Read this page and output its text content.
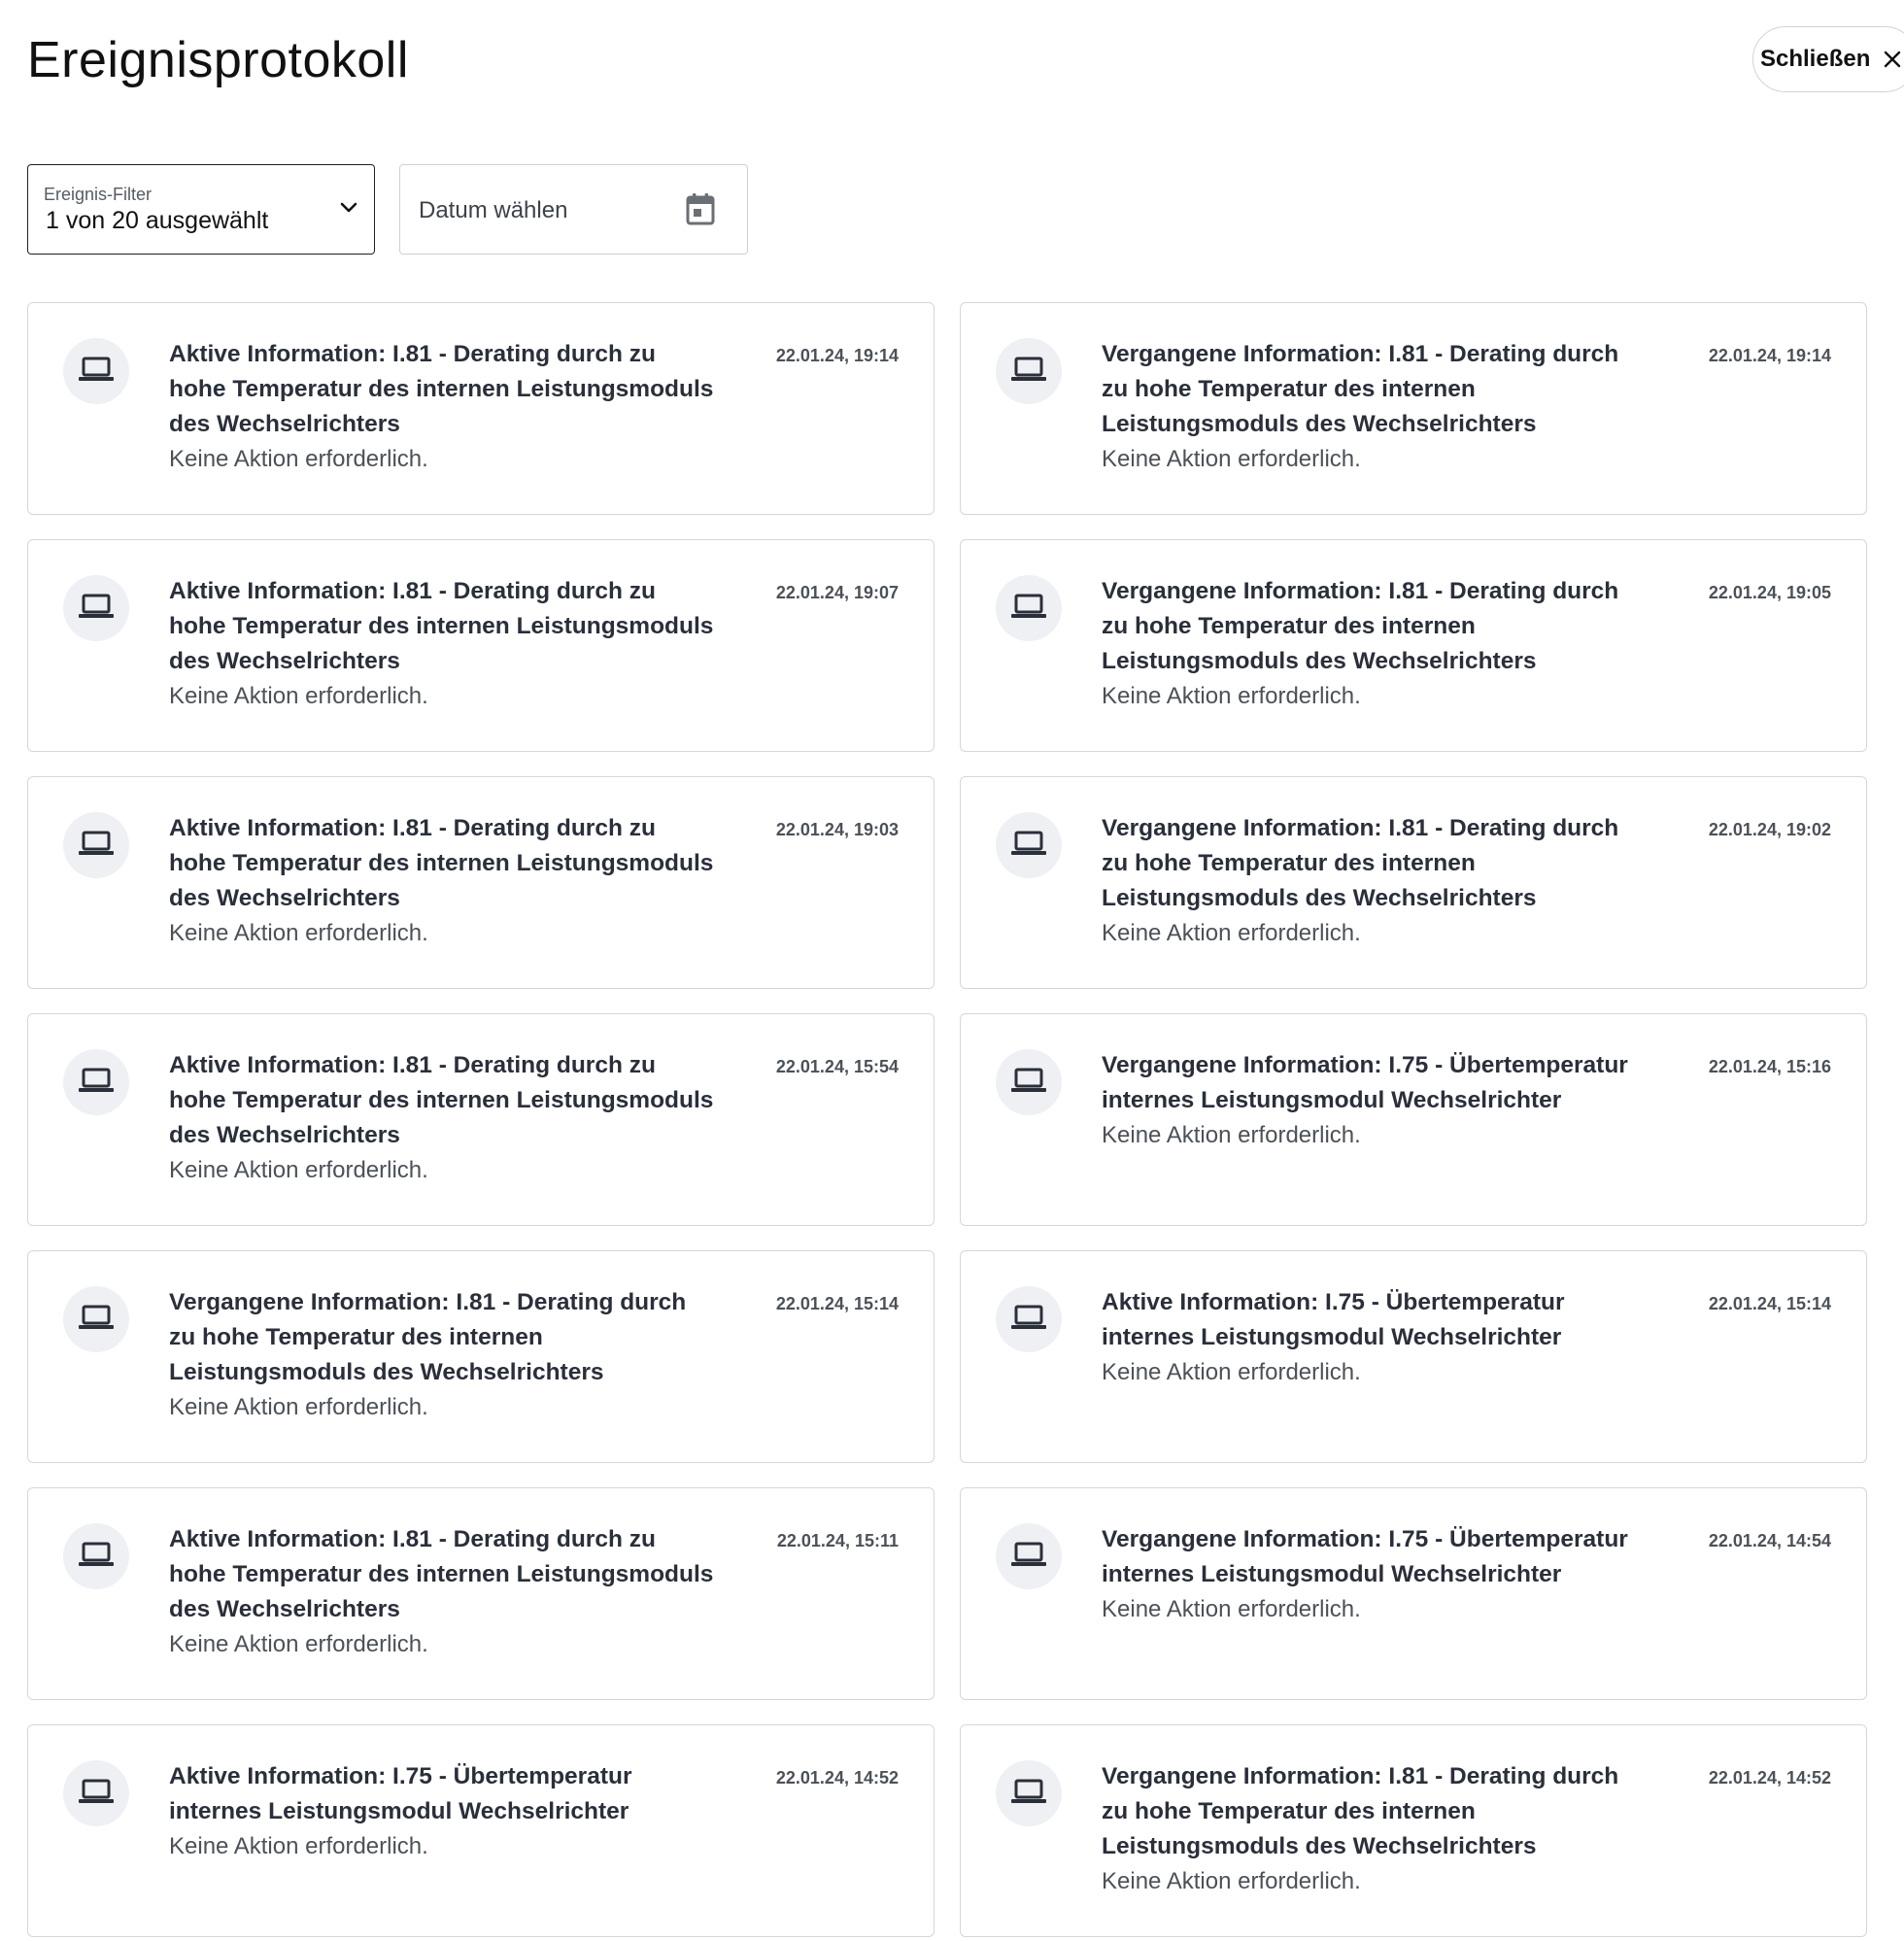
Ereignisprotokoll	Schließen
Ereignis-Filter
1 von 20 ausgewählt	Datum wählen
Aktive Information: I.81 - Derating durch zu hohe Temperatur des internen Leistungsmoduls des Wechselrichters
Keine Aktion erforderlich.
22.01.24, 19:14	Vergangene Information: I.81 - Derating durch zu hohe Temperatur des internen Leistungsmoduls des Wechselrichters
Keine Aktion erforderlich.
22.01.24, 19:14
Aktive Information: I.81 - Derating durch zu hohe Temperatur des internen Leistungsmoduls des Wechselrichters
Keine Aktion erforderlich.
22.01.24, 19:07	Vergangene Information: I.81 - Derating durch zu hohe Temperatur des internen Leistungsmoduls des Wechselrichters
Keine Aktion erforderlich.
22.01.24, 19:05
Aktive Information: I.81 - Derating durch zu hohe Temperatur des internen Leistungsmoduls des Wechselrichters
Keine Aktion erforderlich.
22.01.24, 19:03	Vergangene Information: I.81 - Derating durch zu hohe Temperatur des internen Leistungsmoduls des Wechselrichters
Keine Aktion erforderlich.
22.01.24, 19:02
Aktive Information: I.81 - Derating durch zu hohe Temperatur des internen Leistungsmoduls des Wechselrichters
Keine Aktion erforderlich.
22.01.24, 15:54	Vergangene Information: I.75 - Übertemperatur internes Leistungsmodul Wechselrichter
Keine Aktion erforderlich.
22.01.24, 15:16
Vergangene Information: I.81 - Derating durch zu hohe Temperatur des internen Leistungsmoduls des Wechselrichters
Keine Aktion erforderlich.
22.01.24, 15:14	Aktive Information: I.75 - Übertemperatur internes Leistungsmodul Wechselrichter
Keine Aktion erforderlich.
22.01.24, 15:14
Aktive Information: I.81 - Derating durch zu hohe Temperatur des internen Leistungsmoduls des Wechselrichters
Keine Aktion erforderlich.
22.01.24, 15:11	Vergangene Information: I.75 - Übertemperatur internes Leistungsmodul Wechselrichter
Keine Aktion erforderlich.
22.01.24, 14:54
Aktive Information: I.75 - Übertemperatur internes Leistungsmodul Wechselrichter
Keine Aktion erforderlich.
22.01.24, 14:52	Vergangene Information: I.81 - Derating durch zu hohe Temperatur des internen Leistungsmoduls des Wechselrichters
Keine Aktion erforderlich.
22.01.24, 14:52
